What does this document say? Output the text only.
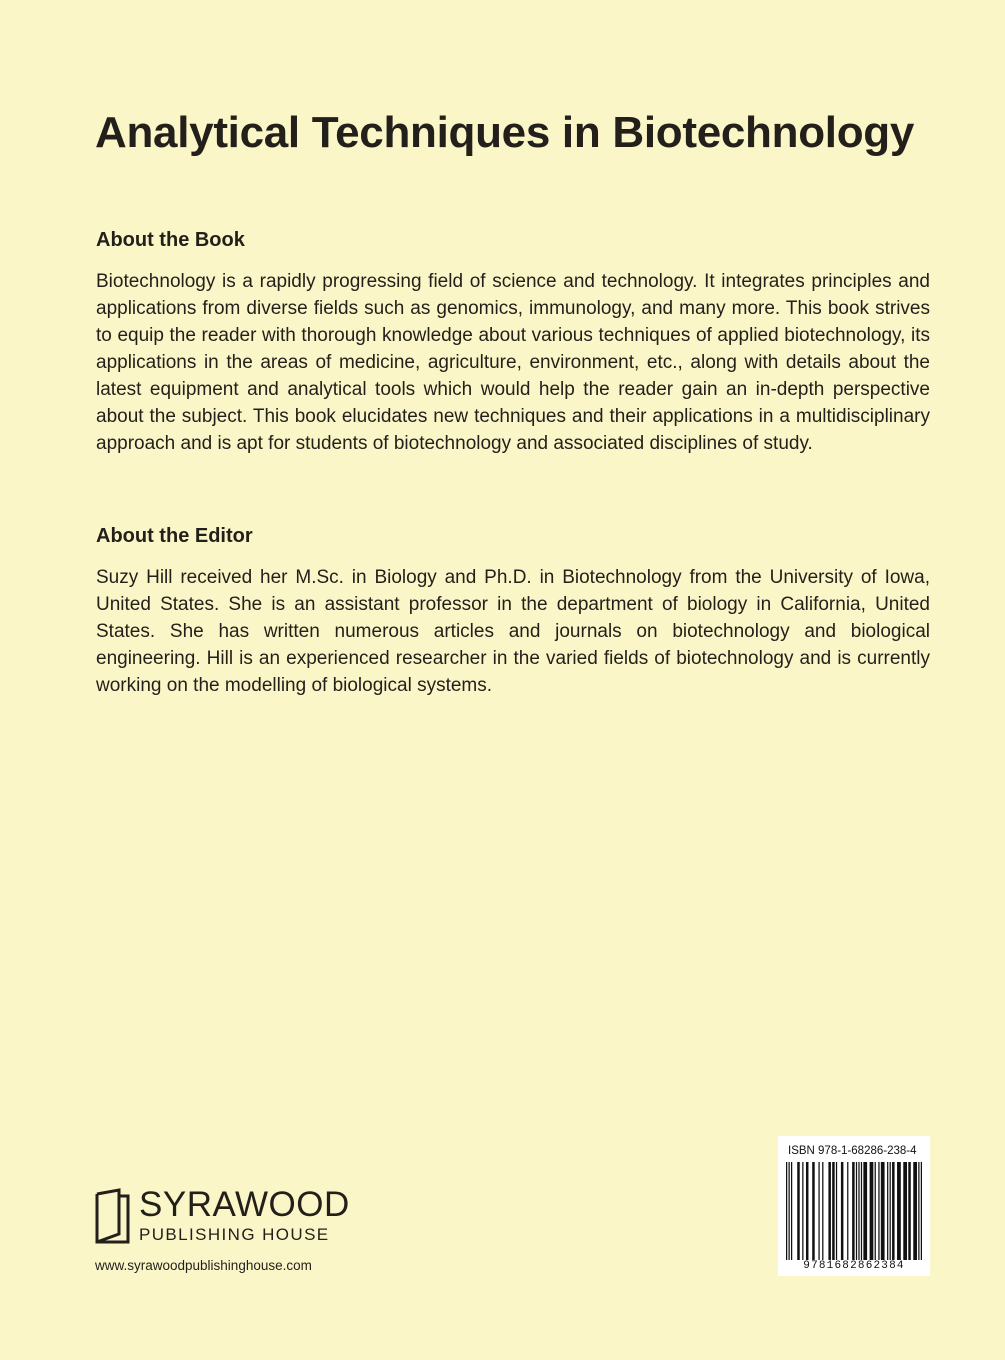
Analytical Techniques in Biotechnology
About the Book

Biotechnology is a rapidly progressing field of science and technology. It integrates principles and applications from diverse fields such as genomics, immunology, and many more. This book strives to equip the reader with thorough knowledge about various techniques of applied biotechnology, its applications in the areas of medicine, agriculture, environment, etc., along with details about the latest equipment and analytical tools which would help the reader gain an in-depth perspective about the subject. This book elucidates new techniques and their applications in a multidisciplinary approach and is apt for students of biotechnology and associated disciplines of study.

About the Editor

Suzy Hill received her M.Sc. in Biology and Ph.D. in Biotechnology from the University of Iowa, United States. She is an assistant professor in the department of biology in California, United States. She has written numerous articles and journals on biotechnology and biological engineering. Hill is an experienced researcher in the varied fields of biotechnology and is currently working on the modelling of biological systems.

ISBN 978-1-68286-238-4
9781682862384
SYRAWOOD
PUBLISHING HOUSE
www.syrawoodpublishinghouse.com
